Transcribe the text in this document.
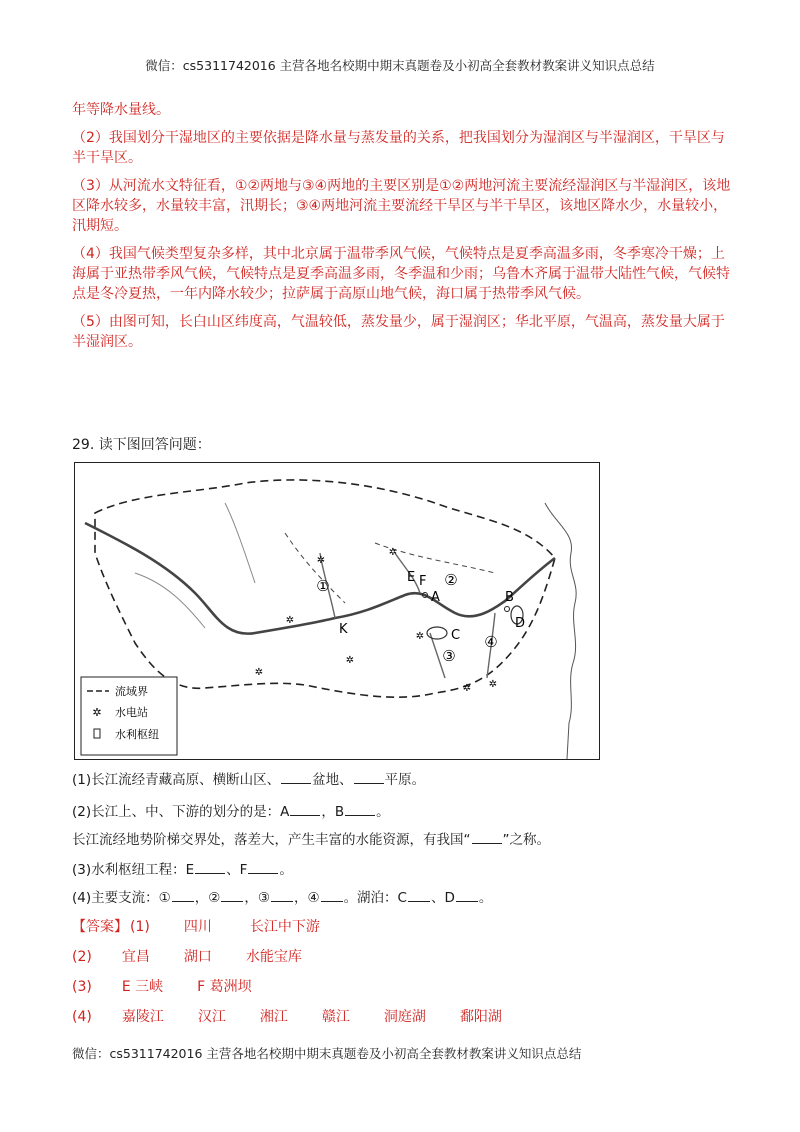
微信：cs5311742016 主营各地名校期中期末真题卷及小初高全套教材教案讲义知识点总结

年等降水量线。

（2）我国划分干湿地区的主要依据是降水量与蒸发量的关系，把我国划分为湿润区与半湿润区，干旱区与半干旱区。

（3）从河流水文特征看，①②两地与③④两地的主要区别是①②两地河流主要流经湿润区与半湿润区，该地区降水较多，水量较丰富，汛期长；③④两地河流主要流经干旱区与半干旱区，该地区降水少，水量较小，汛期短。

（4）我国气候类型复杂多样，其中北京属于温带季风气候，气候特点是夏季高温多雨，冬季寒冷干燥；上海属于亚热带季风气候，气候特点是夏季高温多雨，冬季温和少雨；乌鲁木齐属于温带大陆性气候，气候特点是冬冷夏热，一年内降水较少；拉萨属于高原山地气候，海口属于热带季风气候。

（5）由图可知，长白山区纬度高，气温较低，蒸发量少，属于湿润区；华北平原，气温高，蒸发量大属于半湿润区。

29. 读下图回答问题：
✲
✲
✲
✲
✲
✲
✲ ✲
①	②
③
④
A	B
C
D
E F
K
流域界
✲ 水电站
水利枢纽
(1)长江流经青藏高原、横断山区、 盆地、 平原。
(2)长江上、中、下游的划分的是：A ，B 。
长江流经地势阶梯交界处，落差大，产生丰富的水能资源，有我国“ ”之称。
(3)水利枢纽工程：E 、F 。
(4)主要支流：① ，② ，③ ，④ 。湖泊：C 、D 。
【答案】 (1) 四川	长江中下游
(2) 宜昌 湖口 水能宝库
(3) E 三峡 F 葛洲坝
(4) 嘉陵江 汉江 湘江 赣江 洞庭湖 鄱阳湖
微信：cs5311742016 主营各地名校期中期末真题卷及小初高全套教材教案讲义知识点总结
